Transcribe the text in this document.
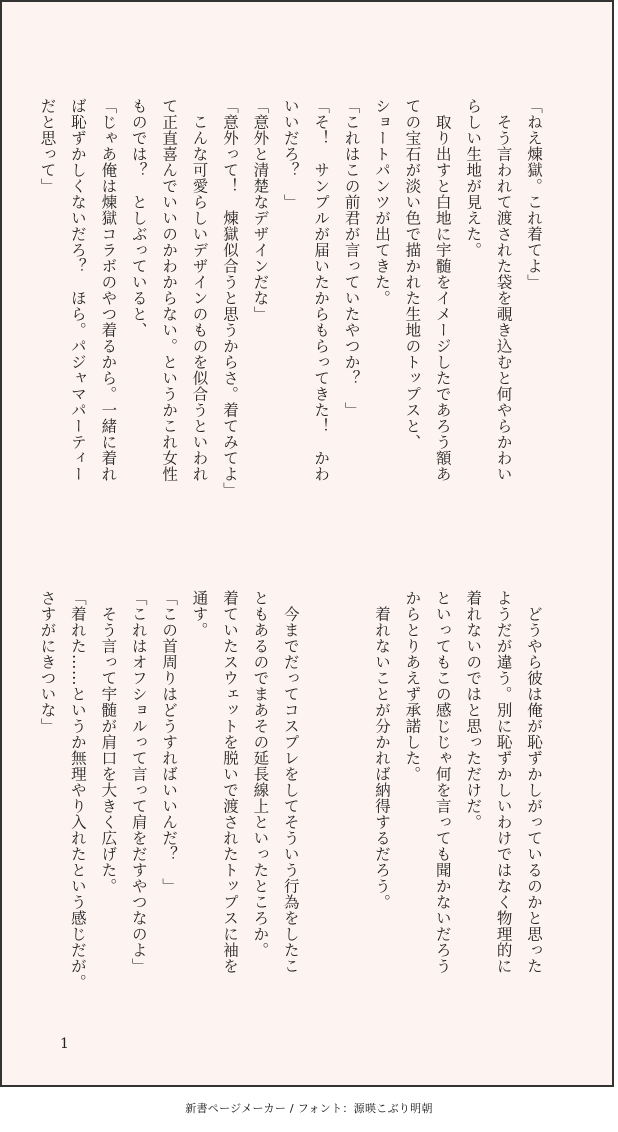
「ねえ煉獄。これ着てよ」
　そう言われて渡された袋を覗き込むと何やらかわい
らしい生地が見えた。
　取り出すと白地に宇髄をイメージしたであろう額あ
ての宝石が淡い色で描かれた生地のトップスと、
ショートパンツが出てきた。
「これはこの前君が言っていたやつか？　」
「そ！　サンプルが届いたからもらってきた！　かわ
いいだろ？　」
「意外と清楚なデザインだな」
「意外って！　煉獄似合うと思うからさ。着てみてよ」
　こんな可愛らしいデザインのものを似合うといわれ
て正直喜んでいいのかわからない。というかこれ女性
ものでは？　としぶっていると、
「じゃあ俺は煉獄コラボのやつ着るから。一緒に着れ
ば恥ずかしくないだろ？　ほら。パジャマパーティー
だと思って」
　どうやら彼は俺が恥ずかしがっているのかと思った
ようだが違う。別に恥ずかしいわけではなく物理的に
着れないのではと思っただけだ。
といってもこの感じじゃ何を言っても聞かないだろう
からとりあえず承諾した。
　着れないことが分かれば納得するだろう。

　今までだってコスプレをしてそういう行為をしたこ
ともあるのでまあその延長線上といったところか。
着ていたスウェットを脱いで渡されたトップスに袖を
通す。
「この首周りはどうすればいいんだ？　」
「これはオフショルって言って肩をだすやつなのよ」
　そう言って宇髄が肩口を大きく広げた。
「着れた……というか無理やり入れたという感じだが。
さすがにきついな」
1
新書ページメーカー / フォント：源暎こぶり明朝
